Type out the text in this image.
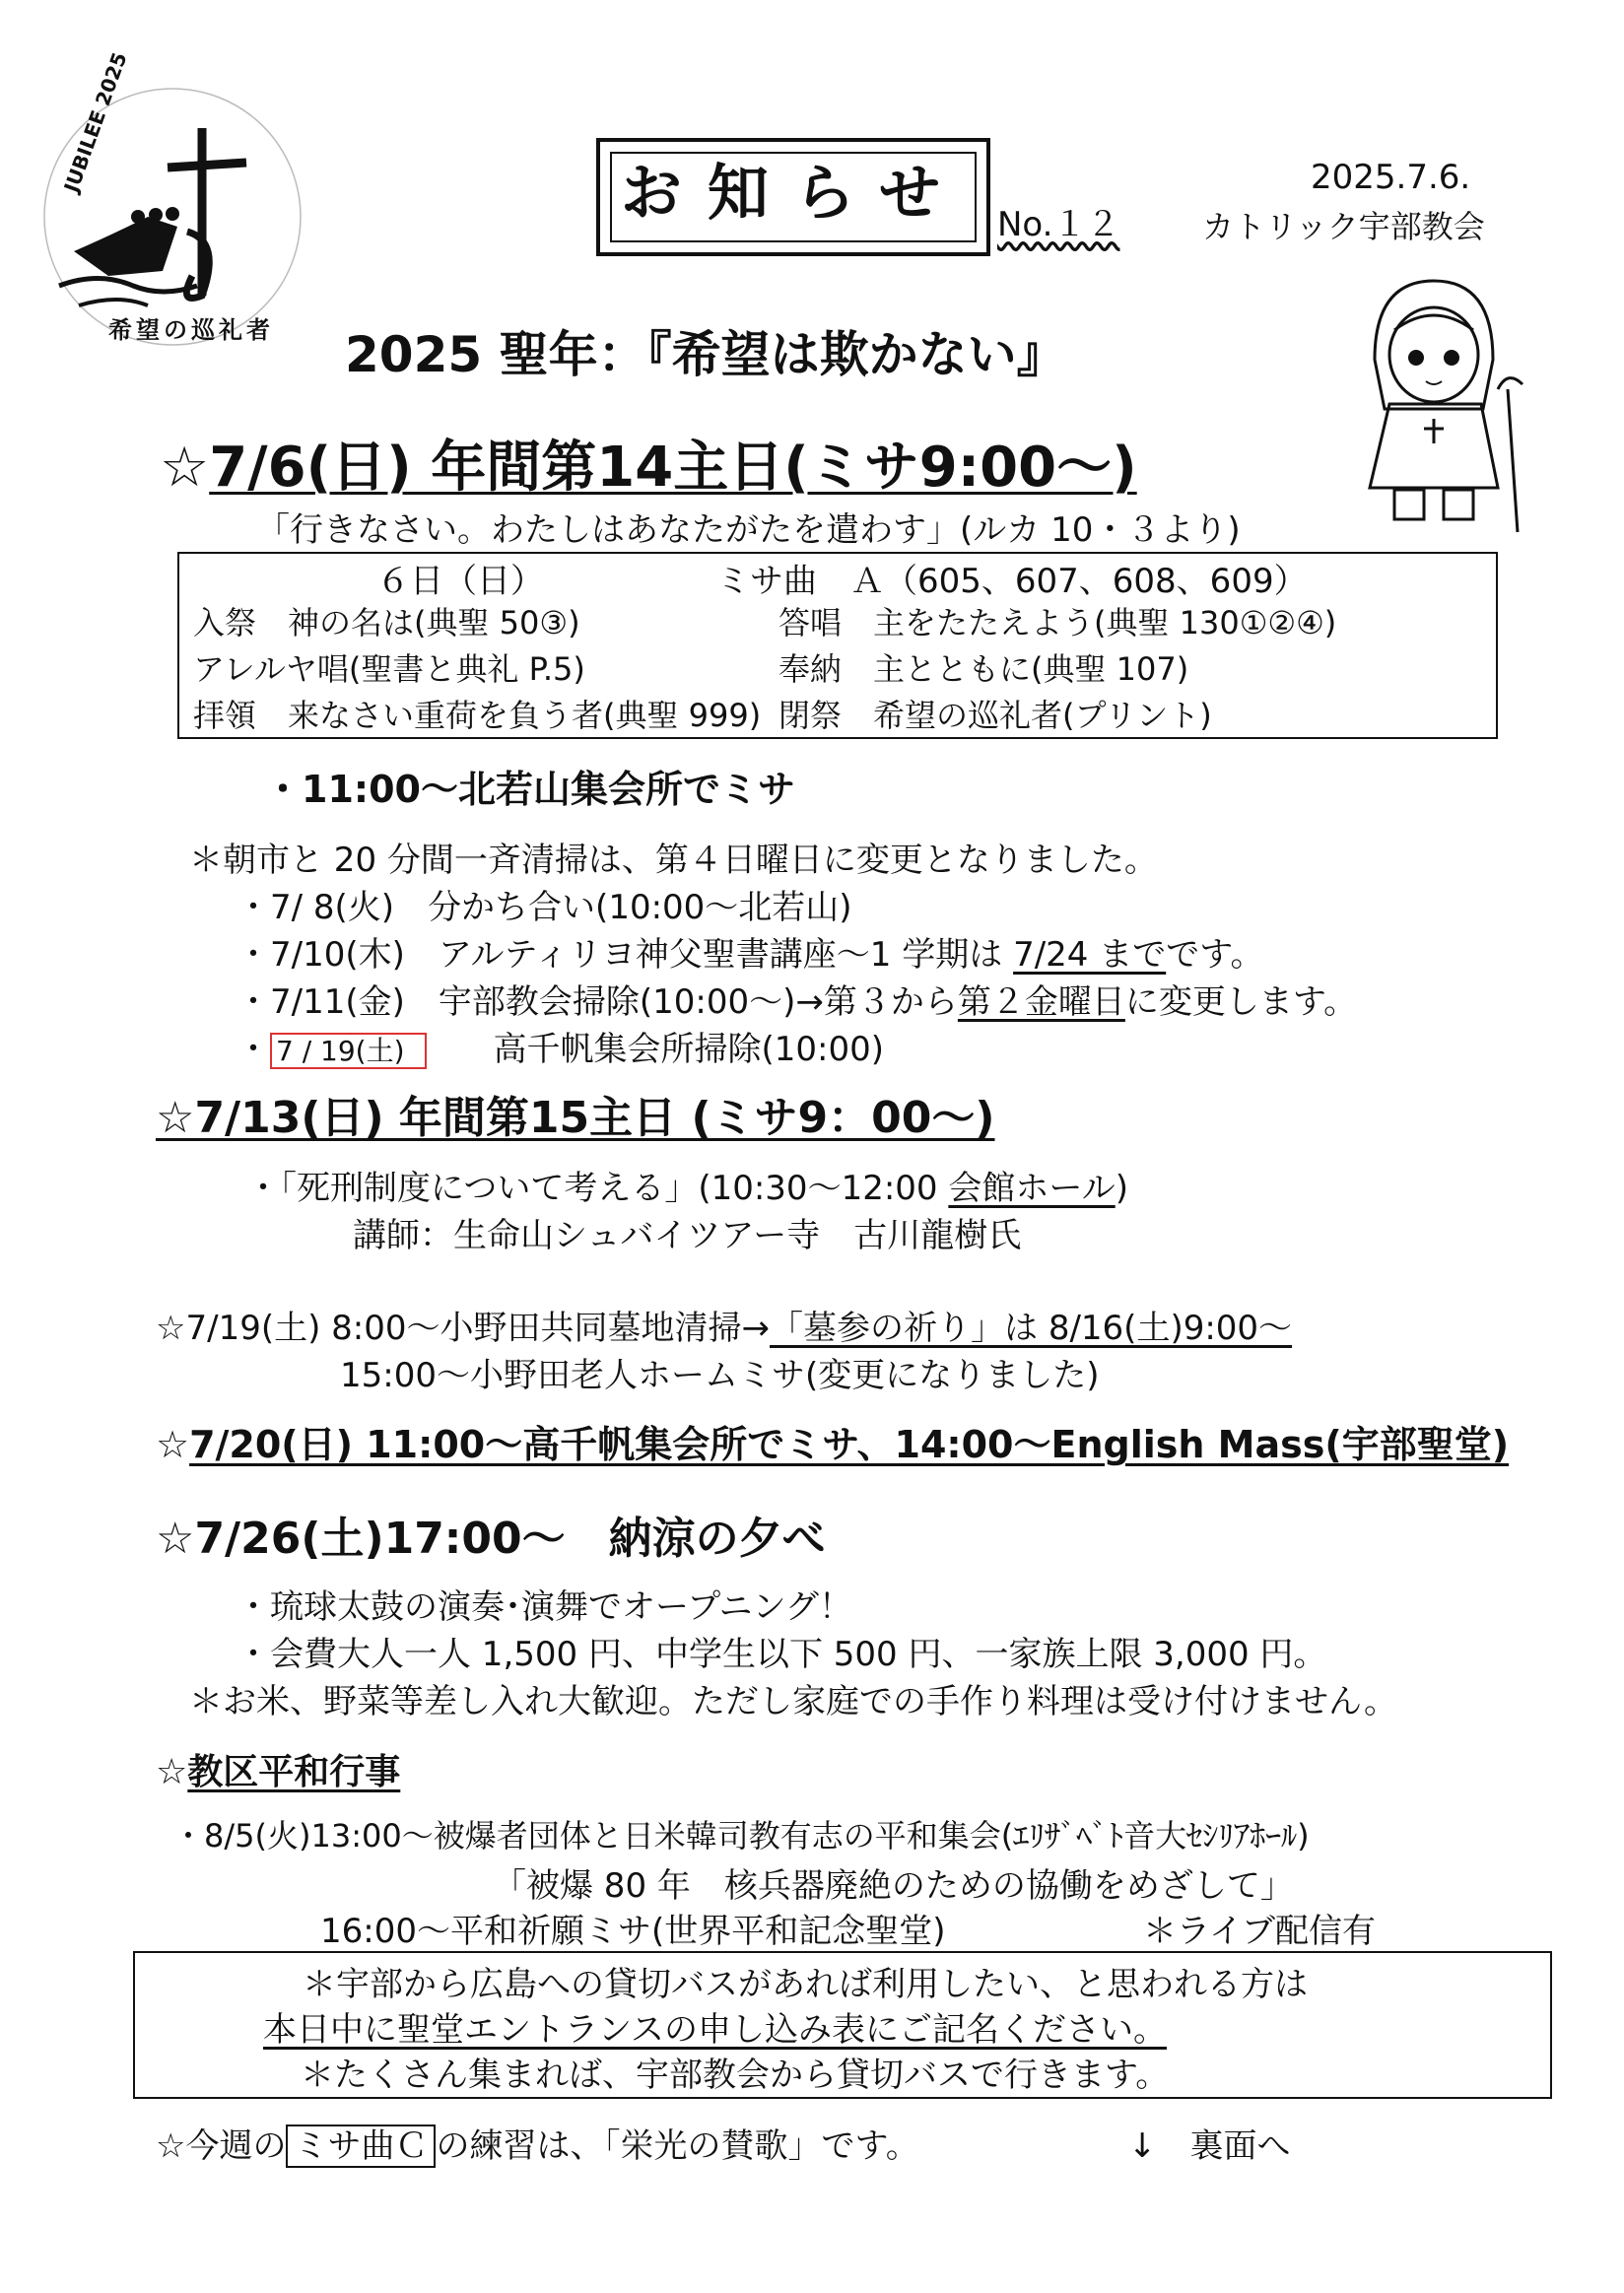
JUBILEE 2025
希望の巡礼者
お知らせ No.１２
2025.7.6.
カトリック宇部教会
2025 聖年：『希望は欺かない』
☆7/6(日) 年間第14主日(ミサ9:00～)
「行きなさい。わたしはあなたがたを遣わす」(ルカ 10・３より)
６日（日）	ミサ曲　Ａ（605、607、608、609）
入祭　神の名は(典聖 50③)	答唱　主をたたえよう(典聖 130①②④)
アレルヤ唱(聖書と典礼 P.5)	奉納　主とともに(典聖 107)
拝領　来なさい重荷を負う者(典聖 999) 閉祭　希望の巡礼者(プリント)
・11:00～北若山集会所でミサ
＊朝市と 20 分間一斉清掃は、第４日曜日に変更となりました。
・7/ 8(火)　 分かち合い(10:00～北若山)
・7/10(木)　 アルティリヨ神父聖書講座～1 学期は 7/24 までです。
・7/11(金)　 宇部教会掃除(10:00～)→第３から第２金曜日に変更します。
・ 7 / 19(土)　　	高千帆集会所掃除(10:00)
☆7/13(日) 年間第15主日 (ミサ9：00～)
・「死刑制度について考える」(10:30～12:00 会館ホール)
講師：生命山シュバイツアー寺　古川龍樹氏
☆7/19(土) 8:00～小野田共同墓地清掃→「墓参の祈り」は 8/16(土)9:00～
15:00～小野田老人ホームミサ(変更になりました)
☆7/20(日) 11:00～高千帆集会所でミサ、14:00～English Mass(宇部聖堂)
☆7/26(土)17:00～　納涼の夕べ
・琉球太鼓の演奏･演舞でオープニング！
・会費大人一人 1,500 円、中学生以下 500 円、一家族上限 3,000 円。
＊お米、野菜等差し入れ大歓迎。ただし家庭での手作り料理は受け付けません。
☆教区平和行事
・8/5(火)13:00～被爆者団体と日米韓司教有志の平和集会(ｴﾘｻﾞﾍﾞﾄ音大ｾｼﾘｱﾎｰﾙ)
「被爆 80 年　核兵器廃絶のための協働をめざして」
16:00～平和祈願ミサ(世界平和記念聖堂)	＊ライブ配信有
＊宇部から広島への貸切バスがあれば利用したい、と思われる方は
本日中に聖堂エントランスの申し込み表にご記名ください。
＊たくさん集まれば、宇部教会から貸切バスで行きます。
☆今週の ミサ曲Ｃ の練習は、「栄光の賛歌」です。	↓　裏面へ
